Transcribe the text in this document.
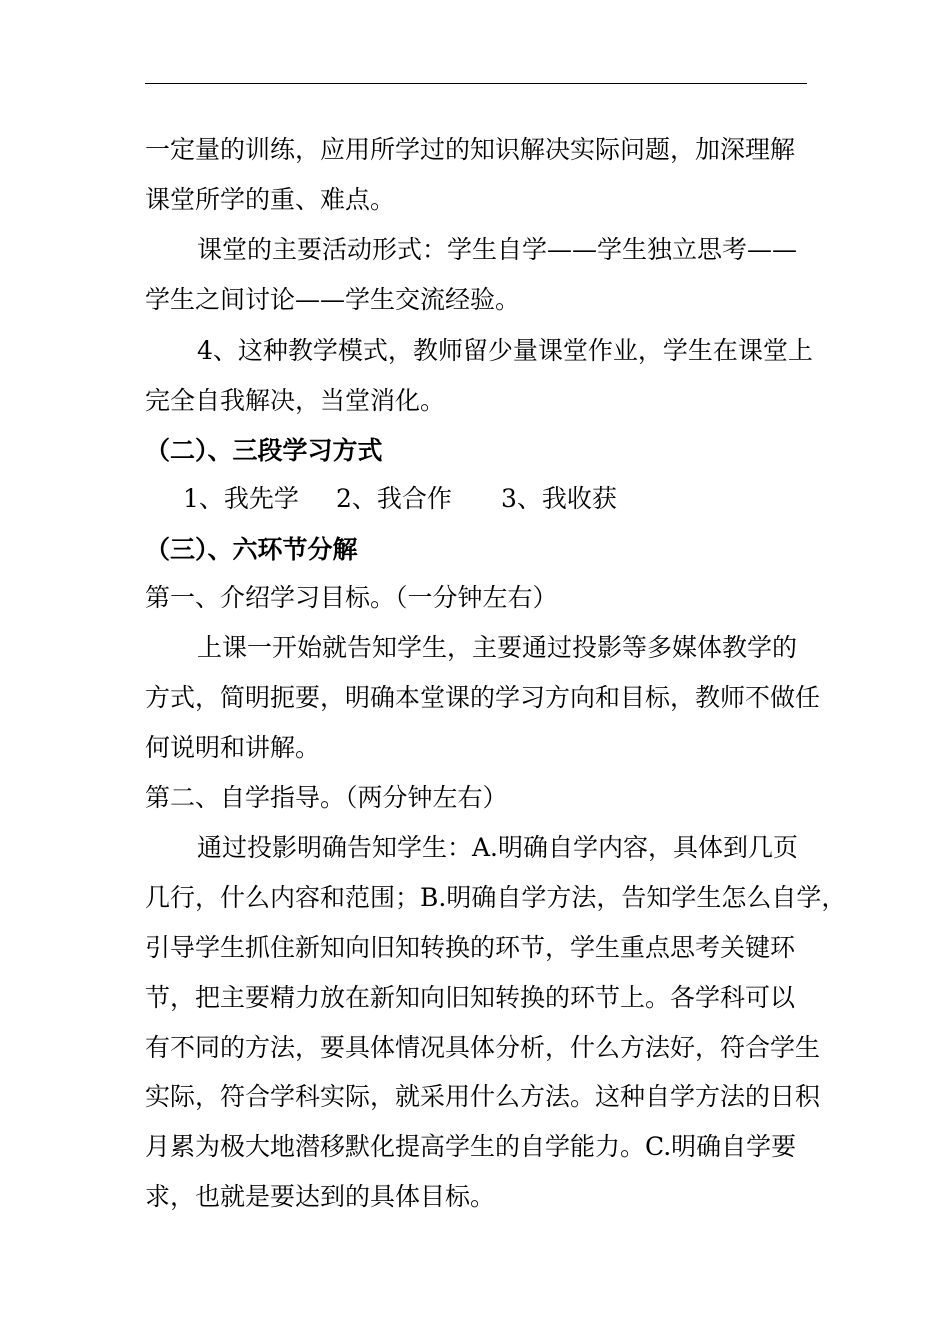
一定量的训练，应用所学过的知识解决实际问题，加深理解
课堂所学的重、难点。
课堂的主要活动形式：学生自学——学生独立思考——
学生之间讨论——学生交流经验。
4、这种教学模式，教师留少量课堂作业，学生在课堂上
完全自我解决，当堂消化。
（二）、三段学习方式
1、我先学 2、我合作 3、我收获
（三）、六环节分解
第一、介绍学习目标。（一分钟左右）
上课一开始就告知学生，主要通过投影等多媒体教学的
方式，简明扼要，明确本堂课的学习方向和目标，教师不做任
何说明和讲解。
第二、自学指导。（两分钟左右）
通过投影明确告知学生：A.明确自学内容，具体到几页
几行，什么内容和范围；B.明确自学方法，告知学生怎么自学，
引导学生抓住新知向旧知转换的环节，学生重点思考关键环
节，把主要精力放在新知向旧知转换的环节上。各学科可以
有不同的方法，要具体情况具体分析，什么方法好，符合学生
实际，符合学科实际，就采用什么方法。这种自学方法的日积
月累为极大地潜移默化提高学生的自学能力。C.明确自学要
求，也就是要达到的具体目标。
